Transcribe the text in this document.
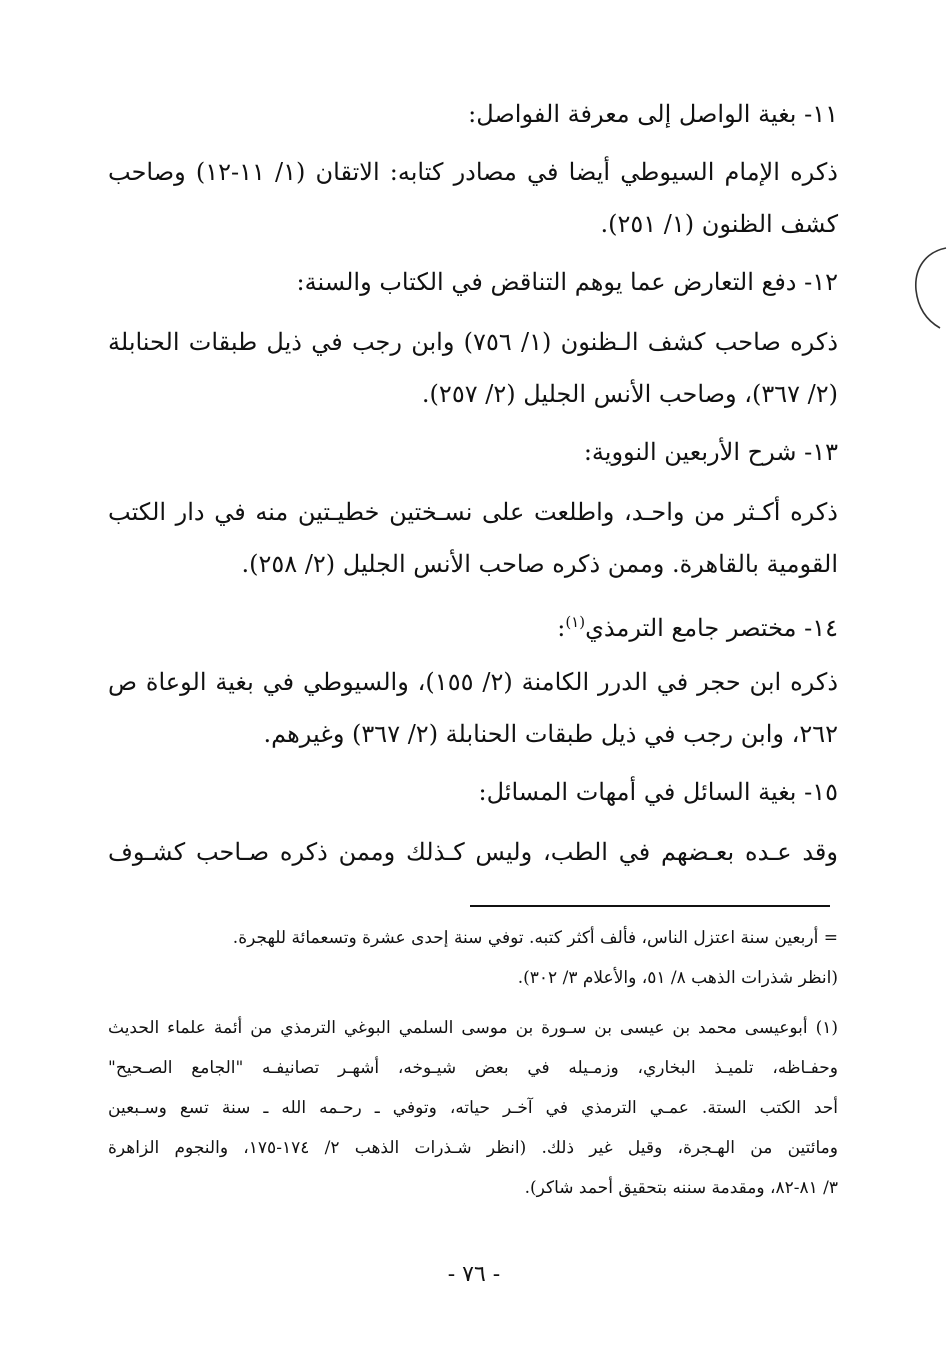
١١- بغية الواصل إلى معرفة الفواصل:
ذكره الإمام السيوطي أيضا في مصادر كتابه: الاتقان (١/ ١١-١٢) وصاحب
كشف الظنون (١/ ٢٥١).
١٢- دفع التعارض عما يوهم التناقض في الكتاب والسنة:
ذكره صاحب كشف الـظنون (١/ ٧٥٦) وابن رجب في ذيل طبقات الحنابلة
(٢/ ٣٦٧)، وصاحب الأنس الجليل (٢/ ٢٥٧).
١٣- شرح الأربعين النووية:
ذكره أكـثر من واحـد، واطلعت على نسـختين خطيـتين منه في دار الكتب
القومية بالقاهرة. وممن ذكره صاحب الأنس الجليل (٢/ ٢٥٨).
١٤- مختصر جامع الترمذي$^{(١)}$:
ذكره ابن حجر في الدرر الكامنة (٢/ ١٥٥)، والسيوطي في بغية الوعاة ص
٢٦٢، وابن رجب في ذيل طبقات الحنابلة (٢/ ٣٦٧) وغيرهم.
١٥- بغية السائل في أمهات المسائل:
وقد عـده بعـضهم في الطب، وليس كـذلك وممن ذكره صـاحب كشـوف
= أربعين سنة اعتزل الناس، فألف أكثر كتبه. توفي سنة إحدى عشرة وتسعمائة للهجرة.
(انظر شذرات الذهب ٨/ ٥١، والأعلام ٣/ ٣٠٢).
(١) أبوعيسى محمد بن عيسى بن سـورة بن موسى السلمي البوغي الترمذي من أئمة علماء الحديث
وحفـاظه، تلميـذ البخاري، وزمـيله في بعض شيـوخه، أشهـر تصانيفـه "الجامع الصـحيح"
أحد الكتب الستة. عمـي الترمذي في آخـر حياته، وتوفي ـ رحـمه الله ـ سنة تسع وسـبعين
ومائتين من الهـجرة، وقيل غير ذلك. (انظر شـذرات الذهب ٢/ ١٧٤-١٧٥، والنجوم الزاهرة
٣/ ٨١-٨٢، ومقدمة سننه بتحقيق أحمد شاكر).
- ٧٦ -
